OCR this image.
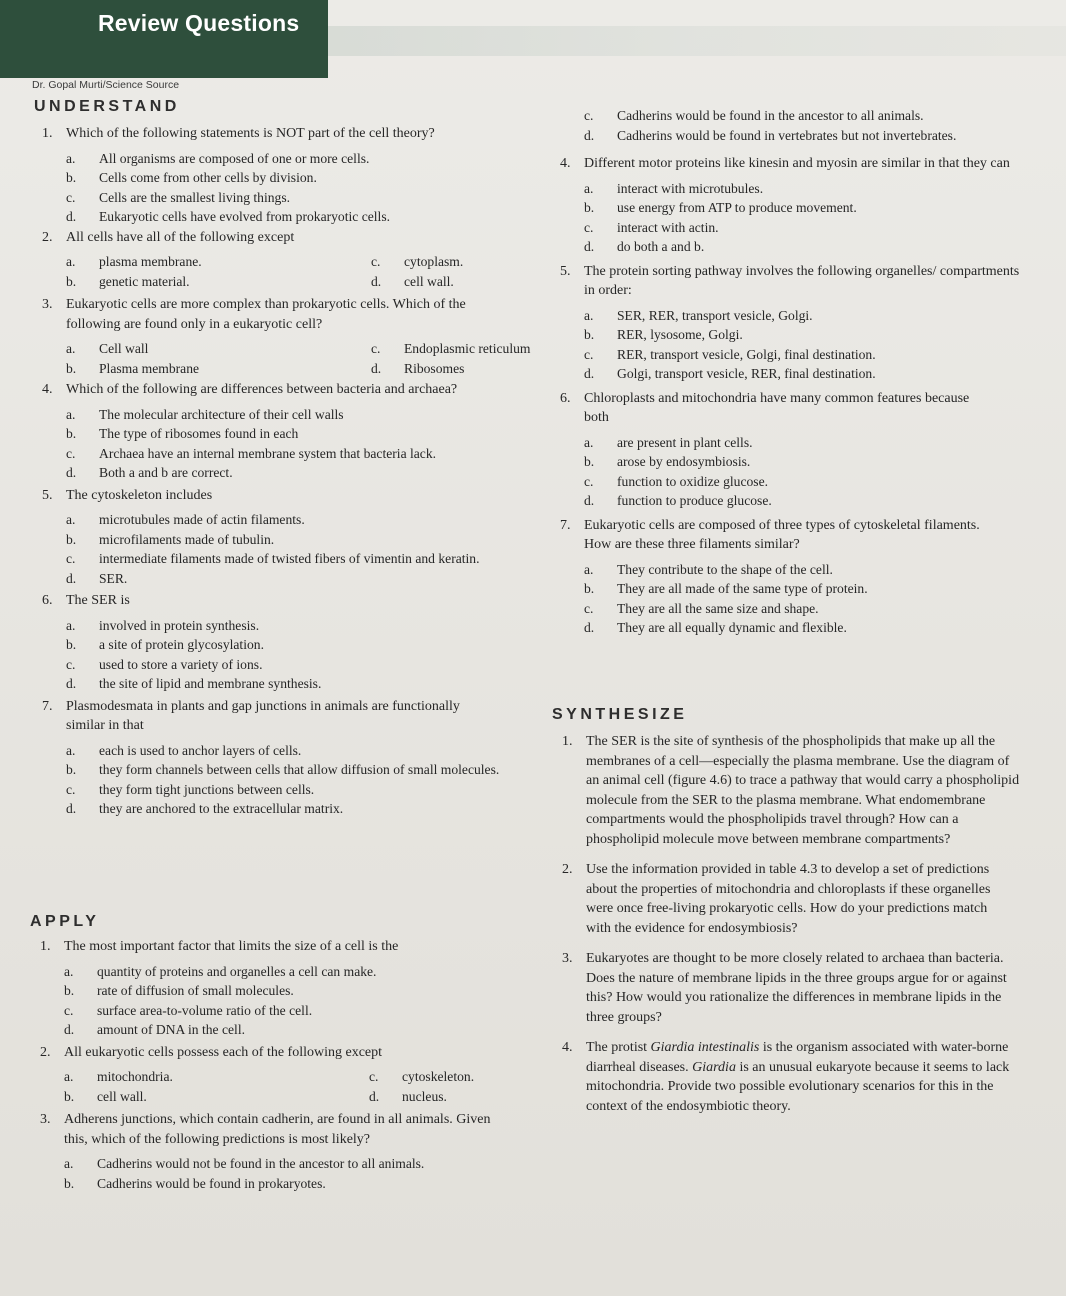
Review Questions
Dr. Gopal Murti/Science Source
UNDERSTAND

1. Which of the following statements is NOT part of the cell theory?

a. All organisms are composed of one or more cells.

b. Cells come from other cells by division.

c. Cells are the smallest living things.

d. Eukaryotic cells have evolved from prokaryotic cells.

2. All cells have all of the following except

a. plasma membrane.	c. cytoplasm.

b. genetic material.	d. cell wall.

3. Eukaryotic cells are more complex than prokaryotic cells. Which of the following are found only in a eukaryotic cell?

a. Cell wall	c. Endoplasmic reticulum

b. Plasma membrane	d. Ribosomes

4. Which of the following are differences between bacteria and archaea?

a. The molecular architecture of their cell walls

b. The type of ribosomes found in each

c. Archaea have an internal membrane system that bacteria lack.

d. Both a and b are correct.

5. The cytoskeleton includes

a. microtubules made of actin filaments.

b. microfilaments made of tubulin.

c. intermediate filaments made of twisted fibers of vimentin and keratin.

d. SER.

6. The SER is

a. involved in protein synthesis.

b. a site of protein glycosylation.

c. used to store a variety of ions.

d. the site of lipid and membrane synthesis.

7. Plasmodesmata in plants and gap junctions in animals are functionally similar in that

a. each is used to anchor layers of cells.

b. they form channels between cells that allow diffusion of small molecules.

c. they form tight junctions between cells.

d. they are anchored to the extracellular matrix.

APPLY

1. The most important factor that limits the size of a cell is the

a. quantity of proteins and organelles a cell can make.

b. rate of diffusion of small molecules.

c. surface area-to-volume ratio of the cell.

d. amount of DNA in the cell.

2. All eukaryotic cells possess each of the following except

a. mitochondria.	c. cytoskeleton.

b. cell wall.	d. nucleus.

3. Adherens junctions, which contain cadherin, are found in all animals. Given this, which of the following predictions is most likely?

a. Cadherins would not be found in the ancestor to all animals.

b. Cadherins would be found in prokaryotes.

c. Cadherins would be found in the ancestor to all animals.

d. Cadherins would be found in vertebrates but not invertebrates.

4. Different motor proteins like kinesin and myosin are similar in that they can

a. interact with microtubules.

b. use energy from ATP to produce movement.

c. interact with actin.

d. do both a and b.

5. The protein sorting pathway involves the following organelles/ compartments in order:

a. SER, RER, transport vesicle, Golgi.

b. RER, lysosome, Golgi.

c. RER, transport vesicle, Golgi, final destination.

d. Golgi, transport vesicle, RER, final destination.

6. Chloroplasts and mitochondria have many common features because both

a. are present in plant cells.

b. arose by endosymbiosis.

c. function to oxidize glucose.

d. function to produce glucose.

7. Eukaryotic cells are composed of three types of cytoskeletal filaments. How are these three filaments similar?

a. They contribute to the shape of the cell.

b. They are all made of the same type of protein.

c. They are all the same size and shape.

d. They are all equally dynamic and flexible.

SYNTHESIZE

1. The SER is the site of synthesis of the phospholipids that make up all the membranes of a cell—especially the plasma membrane. Use the diagram of an animal cell (figure 4.6) to trace a pathway that would carry a phospholipid molecule from the SER to the plasma membrane. What endomembrane compartments would the phospholipids travel through? How can a phospholipid molecule move between membrane compartments?

2. Use the information provided in table 4.3 to develop a set of predictions about the properties of mitochondria and chloroplasts if these organelles were once free-living prokaryotic cells. How do your predictions match with the evidence for endosymbiosis?

3. Eukaryotes are thought to be more closely related to archaea than bacteria. Does the nature of membrane lipids in the three groups argue for or against this? How would you rationalize the differences in membrane lipids in the three groups?

4. The protist Giardia intestinalis is the organism associated with water-borne diarrheal diseases. Giardia is an unusual eukaryote because it seems to lack mitochondria. Provide two possible evolutionary scenarios for this in the context of the endosymbiotic theory.
